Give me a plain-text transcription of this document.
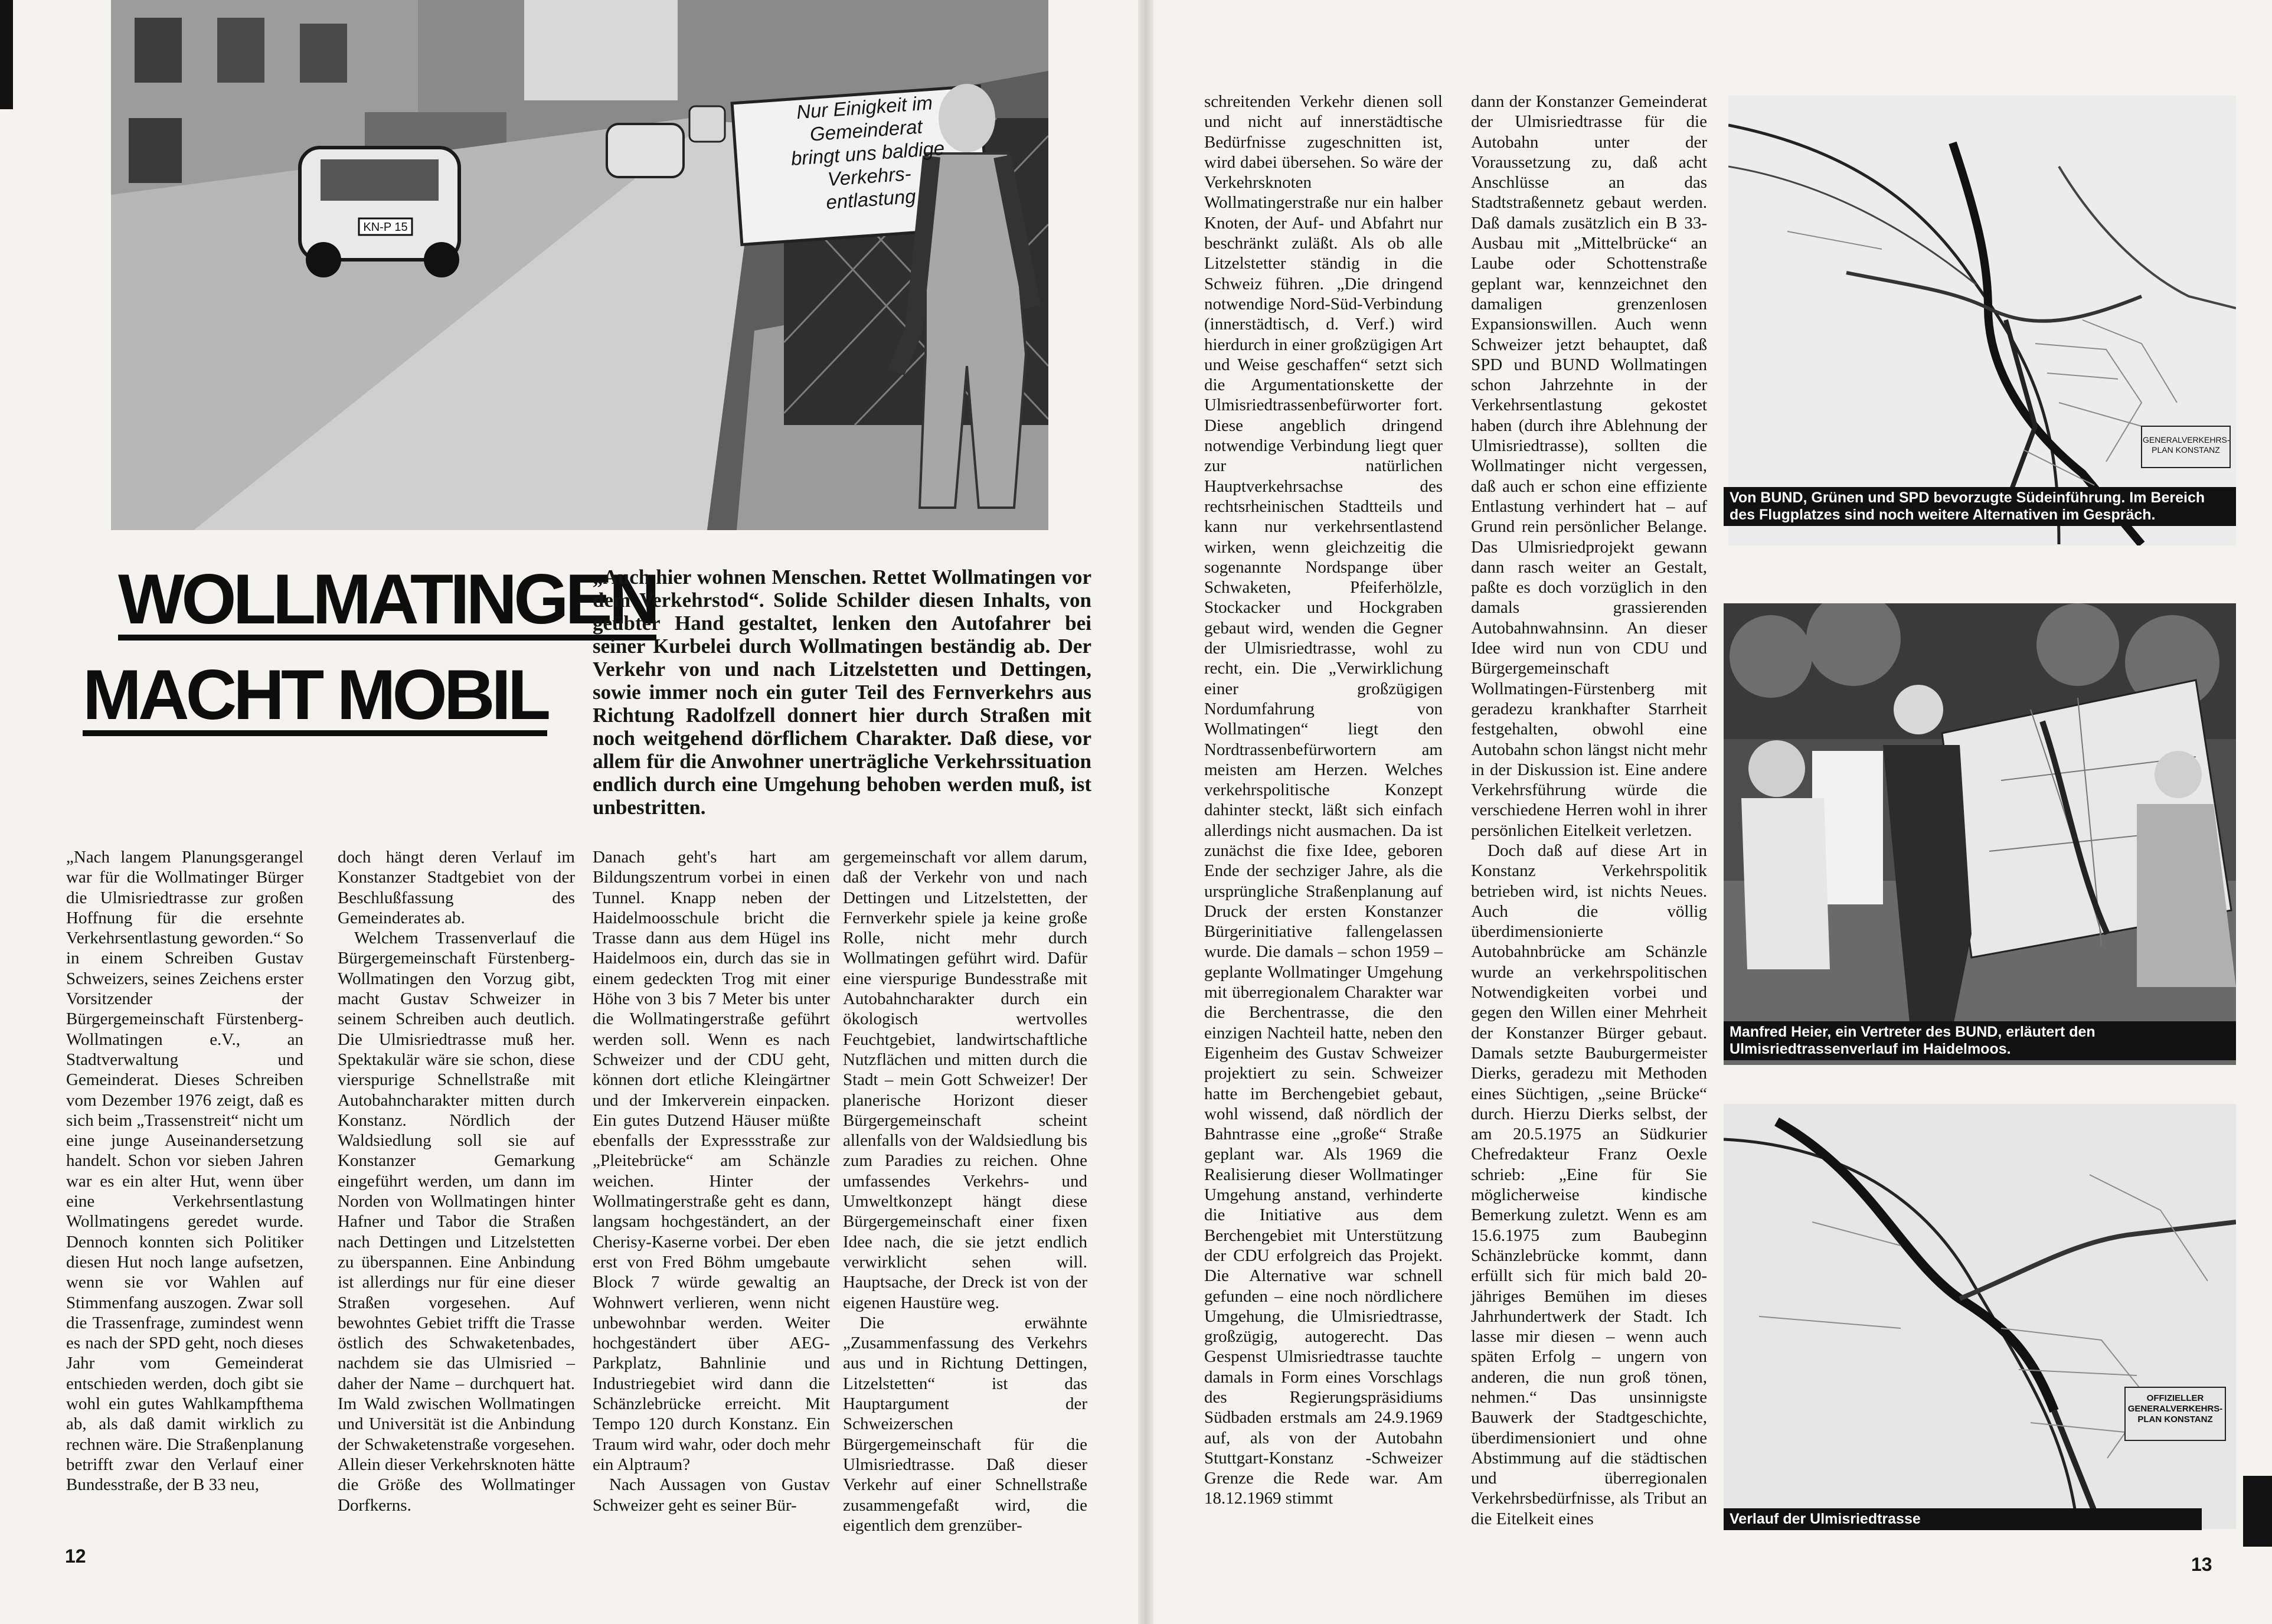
KN-P 15
Nur Einigkeit im
Gemeinderat
bringt uns baldige
Verkehrs-
entlastung
WOLLMATINGEN
MACHT MOBIL
„Auch hier wohnen Menschen. Rettet Wollmatingen vor dem Verkehrstod“. Solide Schilder diesen Inhalts, von geübter Hand gestaltet, lenken den Autofahrer bei seiner Kurbelei durch Wollmatingen beständig ab. Der Verkehr von und nach Litzelstetten und Dettingen, sowie immer noch ein guter Teil des Fernverkehrs aus Richtung Radolfzell donnert hier durch Straßen mit noch weitgehend dörflichem Charakter. Daß diese, vor allem für die Anwohner unerträgliche Verkehrssituation endlich durch eine Umgehung behoben werden muß, ist unbestritten.

„Nach langem Planungsgerangel war für die Wollmatinger Bürger die Ulmisriedtrasse zur großen Hoffnung für die ersehnte Verkehrsentlastung geworden.“ So in einem Schreiben Gustav Schweizers, seines Zeichens erster Vorsitzender der Bürgergemeinschaft Fürstenberg-Wollmatingen e.V., an Stadtverwaltung und Gemeinderat. Dieses Schreiben vom Dezember 1976 zeigt, daß es sich beim „Trassenstreit“ nicht um eine junge Auseinandersetzung handelt. Schon vor sieben Jahren war es ein alter Hut, wenn über eine Verkehrsentlastung Wollmatingens geredet wurde. Dennoch konnten sich Politiker diesen Hut noch lange aufsetzen, wenn sie vor Wahlen auf Stimmenfang auszogen. Zwar soll die Trassenfrage, zumindest wenn es nach der SPD geht, noch dieses Jahr vom Gemeinderat entschieden werden, doch gibt sie wohl ein gutes Wahlkampfthema ab, als daß damit wirklich zu rechnen wäre. Die Straßenplanung betrifft zwar den Verlauf einer Bundesstraße, der B 33 neu,

doch hängt deren Verlauf im Konstanzer Stadtgebiet von der Beschlußfassung des Gemeinderates ab.

Welchem Trassenverlauf die Bürgergemeinschaft Fürstenberg-Wollmatingen den Vorzug gibt, macht Gustav Schweizer in seinem Schreiben auch deutlich. Die Ulmisriedtrasse muß her. Spektakulär wäre sie schon, diese vierspurige Schnellstraße mit Autobahncharakter mitten durch Konstanz. Nördlich der Waldsiedlung soll sie auf Konstanzer Gemarkung eingeführt werden, um dann im Norden von Wollmatingen hinter Hafner und Tabor die Straßen nach Dettingen und Litzelstetten zu überspannen. Eine Anbindung ist allerdings nur für eine dieser Straßen vorgesehen. Auf bewohntes Gebiet trifft die Trasse östlich des Schwaketenbades, nachdem sie das Ulmisried – daher der Name – durchquert hat. Im Wald zwischen Wollmatingen und Universität ist die Anbindung der Schwaketenstraße vorgesehen. Allein dieser Verkehrsknoten hätte die Größe des Wollmatinger Dorfkerns.

Danach geht's hart am Bildungszentrum vorbei in einen Tunnel. Knapp neben der Haidelmoosschule bricht die Trasse dann aus dem Hügel ins Haidelmoos ein, durch das sie in einem gedeckten Trog mit einer Höhe von 3 bis 7 Meter bis unter die Wollmatingerstraße geführt werden soll. Wenn es nach Schweizer und der CDU geht, können dort etliche Kleingärtner und der Imkerverein einpacken. Ein gutes Dutzend Häuser müßte ebenfalls der Expressstraße zur „Pleitebrücke“ am Schänzle weichen. Hinter der Wollmatingerstraße geht es dann, langsam hochgeständert, an der Cherisy-Kaserne vorbei. Der eben erst von Fred Böhm umgebaute Block 7 würde gewaltig an Wohnwert verlieren, wenn nicht unbewohnbar werden. Weiter hochgeständert über AEG-Parkplatz, Bahnlinie und Industriegebiet wird dann die Schänzlebrücke erreicht. Mit Tempo 120 durch Konstanz. Ein Traum wird wahr, oder doch mehr ein Alptraum?

Nach Aussagen von Gustav Schweizer geht es seiner Bür-

gergemeinschaft vor allem darum, daß der Verkehr von und nach Dettingen und Litzelstetten, der Fernverkehr spiele ja keine große Rolle, nicht mehr durch Wollmatingen geführt wird. Dafür eine vierspurige Bundesstraße mit Autobahncharakter durch ein ökologisch wertvolles Feuchtgebiet, landwirtschaftliche Nutzflächen und mitten durch die Stadt – mein Gott Schweizer! Der planerische Horizont dieser Bürgergemeinschaft scheint allenfalls von der Waldsiedlung bis zum Paradies zu reichen. Ohne umfassendes Verkehrs- und Umweltkonzept hängt diese Bürgergemeinschaft einer fixen Idee nach, die sie jetzt endlich verwirklicht sehen will. Hauptsache, der Dreck ist von der eigenen Haustüre weg.

Die erwähnte „Zusammenfassung des Verkehrs aus und in Richtung Dettingen, Litzelstetten“ ist das Hauptargument der Schweizerschen Bürgergemeinschaft für die Ulmisriedtrasse. Daß dieser Verkehr auf einer Schnellstraße zusammengefaßt wird, die eigentlich dem grenzüber-

12

schreitenden Verkehr dienen soll und nicht auf innerstädtische Bedürfnisse zugeschnitten ist, wird dabei übersehen. So wäre der Verkehrsknoten Wollmatingerstraße nur ein halber Knoten, der Auf- und Abfahrt nur beschränkt zuläßt. Als ob alle Litzelstetter ständig in die Schweiz führen. „Die dringend notwendige Nord-Süd-Verbindung (innerstädtisch, d. Verf.) wird hierdurch in einer großzügigen Art und Weise geschaffen“ setzt sich die Argumentationskette der Ulmisriedtrassenbefürworter fort. Diese angeblich dringend notwendige Verbindung liegt quer zur natürlichen Hauptverkehrsachse des rechtsrheinischen Stadtteils und kann nur verkehrsentlastend wirken, wenn gleichzeitig die sogenannte Nordspange über Schwaketen, Pfeiferhölzle, Stockacker und Hockgraben gebaut wird, wenden die Gegner der Ulmisriedtrasse, wohl zu recht, ein. Die „Verwirklichung einer großzügigen Nordumfahrung von Wollmatingen“ liegt den Nordtrassenbefürwortern am meisten am Herzen. Welches verkehrspolitische Konzept dahinter steckt, läßt sich einfach allerdings nicht ausmachen. Da ist zunächst die fixe Idee, geboren Ende der sechziger Jahre, als die ursprüngliche Straßenplanung auf Druck der ersten Konstanzer Bürgerinitiative fallengelassen wurde. Die damals – schon 1959 – geplante Wollmatinger Umgehung mit überregionalem Charakter war die Berchentrasse, die den einzigen Nachteil hatte, neben den Eigenheim des Gustav Schweizer projektiert zu sein. Schweizer hatte im Berchengebiet gebaut, wohl wissend, daß nördlich der Bahntrasse eine „große“ Straße geplant war. Als 1969 die Realisierung dieser Wollmatinger Umgehung anstand, verhinderte die Initiative aus dem Berchengebiet mit Unterstützung der CDU erfolgreich das Projekt. Die Alternative war schnell gefunden – eine noch nördlichere Umgehung, die Ulmisriedtrasse, großzügig, autogerecht. Das Gespenst Ulmisriedtrasse tauchte damals in Form eines Vorschlags des Regierungspräsidiums Südbaden erstmals am 24.9.1969 auf, als von der Autobahn Stuttgart-Konstanz -Schweizer Grenze die Rede war. Am 18.12.1969 stimmt

dann der Konstanzer Gemeinderat der Ulmisriedtrasse für die Autobahn unter der Voraussetzung zu, daß acht Anschlüsse an das Stadtstraßennetz gebaut werden. Daß damals zusätzlich ein B 33-Ausbau mit „Mittelbrücke“ an Laube oder Schottenstraße geplant war, kennzeichnet den damaligen grenzenlosen Expansionswillen. Auch wenn Schweizer jetzt behauptet, daß SPD und BUND Wollmatingen schon Jahrzehnte in der Verkehrsentlastung gekostet haben (durch ihre Ablehnung der Ulmisriedtrasse), sollten die Wollmatinger nicht vergessen, daß auch er schon eine effiziente Entlastung verhindert hat – auf Grund rein persönlicher Belange. Das Ulmisriedprojekt gewann dann rasch weiter an Gestalt, paßte es doch vorzüglich in den damals grassierenden Autobahnwahnsinn. An dieser Idee wird nun von CDU und Bürgergemeinschaft Wollmatingen-Fürstenberg mit geradezu krankhafter Starrheit festgehalten, obwohl eine Autobahn schon längst nicht mehr in der Diskussion ist. Eine andere Verkehrsführung würde die verschiedene Herren wohl in ihrer persönlichen Eitelkeit verletzen.

Doch daß auf diese Art in Konstanz Verkehrspolitik betrieben wird, ist nichts Neues. Auch die völlig überdimensionierte Autobahnbrücke am Schänzle wurde an verkehrspolitischen Notwendigkeiten vorbei und gegen den Willen einer Mehrheit der Konstanzer Bürger gebaut. Damals setzte Bauburgermeister Dierks, geradezu mit Methoden eines Süchtigen, „seine Brücke“ durch. Hierzu Dierks selbst, der am 20.5.1975 an Südkurier Chefredakteur Franz Oexle schrieb: „Eine für Sie möglicherweise kindische Bemerkung zuletzt. Wenn es am 15.6.1975 zum Baubeginn Schänzlebrücke kommt, dann erfüllt sich für mich bald 20-jähriges Bemühen im dieses Jahrhundertwerk der Stadt. Ich lasse mir diesen – wenn auch späten Erfolg – ungern von anderen, die nun groß tönen, nehmen.“ Das unsinnigste Bauwerk der Stadtgeschichte, überdimensioniert und ohne Abstimmung auf die städtischen und überregionalen Verkehrsbedürfnisse, als Tribut an die Eitelkeit eines

GENERALVERKEHRS-PLAN KONSTANZ
Von BUND, Grünen und SPD bevorzugte Südeinführung. Im Bereich des Flugplatzes sind noch weitere Alternativen im Gespräch.
Manfred Heier, ein Vertreter des BUND, erläutert den Ulmisriedtrassenverlauf im Haidelmoos.
OFFIZIELLER GENERALVERKEHRS-PLAN KONSTANZ
Verlauf der Ulmisriedtrasse
13
